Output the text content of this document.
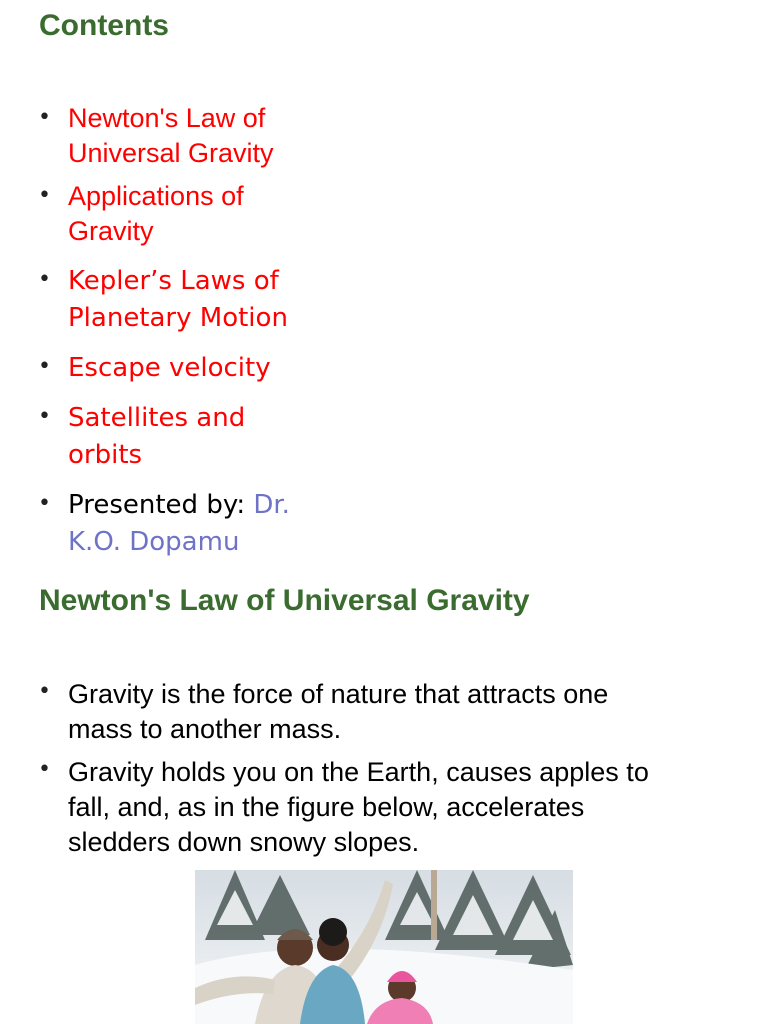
Contents
• Newton's Law of
Universal Gravity
• Applications of
Gravity
• Kepler’s Laws of
Planetary Motion
• Escape velocity
• Satellites and
orbits
• Presented by: Dr.
K.O. Dopamu
Newton's Law of Universal Gravity
• Gravity is the force of nature that attracts one
mass to another mass.
• Gravity holds you on the Earth, causes apples to
fall, and, as in the figure below, accelerates
sledders down snowy slopes.
